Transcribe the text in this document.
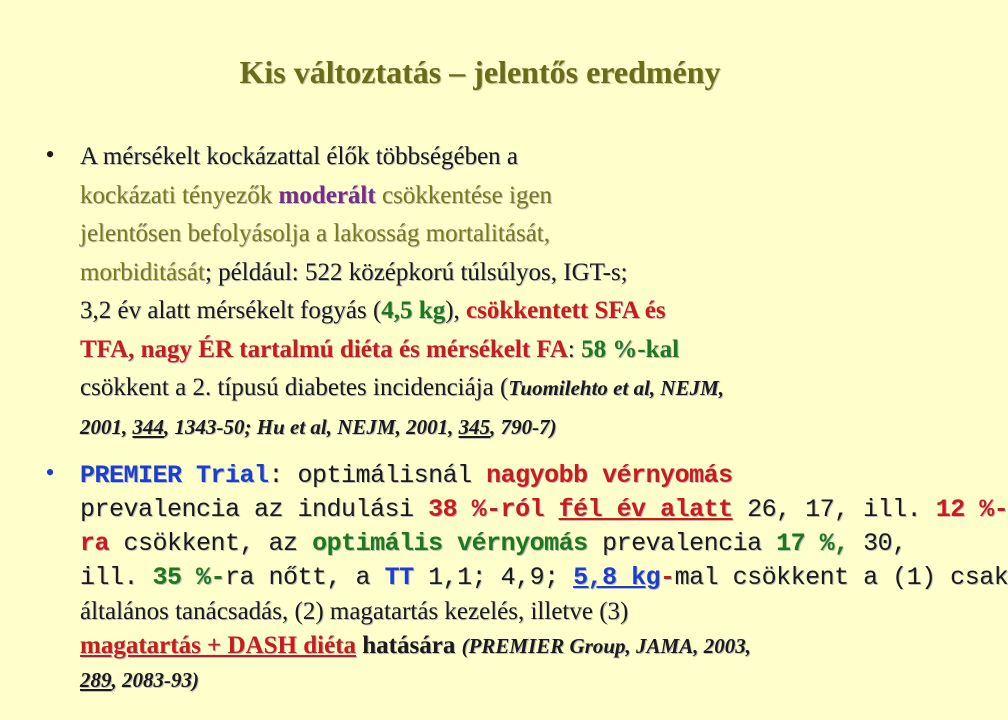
Kis változtatás – jelentős eredmény
•	A mérsékelt kockázattal élők többségében a
kockázati tényezők moderált csökkentése igen
jelentősen befolyásolja a lakosság mortalitását,
morbiditását; például: 522 középkorú túlsúlyos, IGT-s;
3,2 év alatt mérsékelt fogyás (4,5 kg), csökkentett SFA és
TFA, nagy ÉR tartalmú diéta és mérsékelt FA: 58 %-kal
csökkent a 2. típusú diabetes incidenciája (Tuomilehto et al, NEJM,
2001, 344, 1343-50; Hu et al, NEJM, 2001, 345, 790-7)
•	PREMIER Trial: optimálisnál nagyobb vérnyomás
prevalencia az indulási 38 %-ról fél év alatt 26, 17, ill. 12 %-
ra csökkent, az optimális vérnyomás prevalencia 17 %, 30,
ill. 35 %-ra nőtt, a TT 1,1; 4,9; 5,8 kg-mal csökkent a (1) csak
általános tanácsadás, (2) magatartás kezelés, illetve (3)
magatartás + DASH diéta hatására (PREMIER Group, JAMA, 2003,
289, 2083-93)
